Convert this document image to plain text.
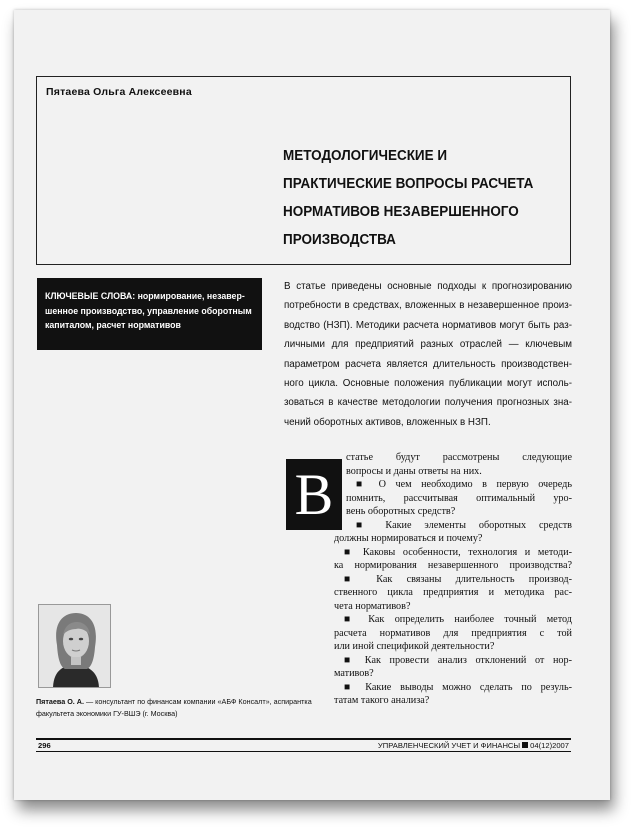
Пятаева Ольга Алексеевна
МЕТОДОЛОГИЧЕСКИЕ И
ПРАКТИЧЕСКИЕ ВОПРОСЫ РАСЧЕТА
НОРМАТИВОВ НЕЗАВЕРШЕННОГО
ПРОИЗВОДСТВА
КЛЮЧЕВЫЕ СЛОВА: нормирование, незавер-
шенное производство, управление оборотным
капиталом, расчет нормативов
В статье приведены основные подходы к прогнозированию
потребности в средствах, вложенных в незавершенное произ-
водство (НЗП). Методики расчета нормативов могут быть раз-
личными для предприятий разных отраслей — ключевым
параметром расчета является длительность производствен-
ного цикла. Основные положения публикации могут исполь-
зоваться в качестве методологии получения прогнозных зна-
чений оборотных активов, вложенных в НЗП.
В
статье будут рассмотрены следующие
вопросы и даны ответы на них.
■ О чем необходимо в первую очередь
помнить, рассчитывая оптимальный уро-
вень оборотных средств?
■ Какие элементы оборотных средств
должны нормироваться и почему?
■ Каковы особенности, технология и методи-
ка нормирования незавершенного производства?
■ Как связаны длительность производ-
ственного цикла предприятия и методика рас-
чета нормативов?
■ Как определить наиболее точный метод
расчета нормативов для предприятия с той
или иной спецификой деятельности?
■ Как провести анализ отклонений от нор-
мативов?
■ Какие выводы можно сделать по резуль-
татам такого анализа?
Пятаева О. А. — консультант по финансам компании «АБФ Консалт», аспирантка
факультета экономики ГУ-ВШЭ (г. Москва)
296	УПРАВЛЕНЧЕСКИЙ УЧЕТ И ФИНАНСЫ 04(12)2007
